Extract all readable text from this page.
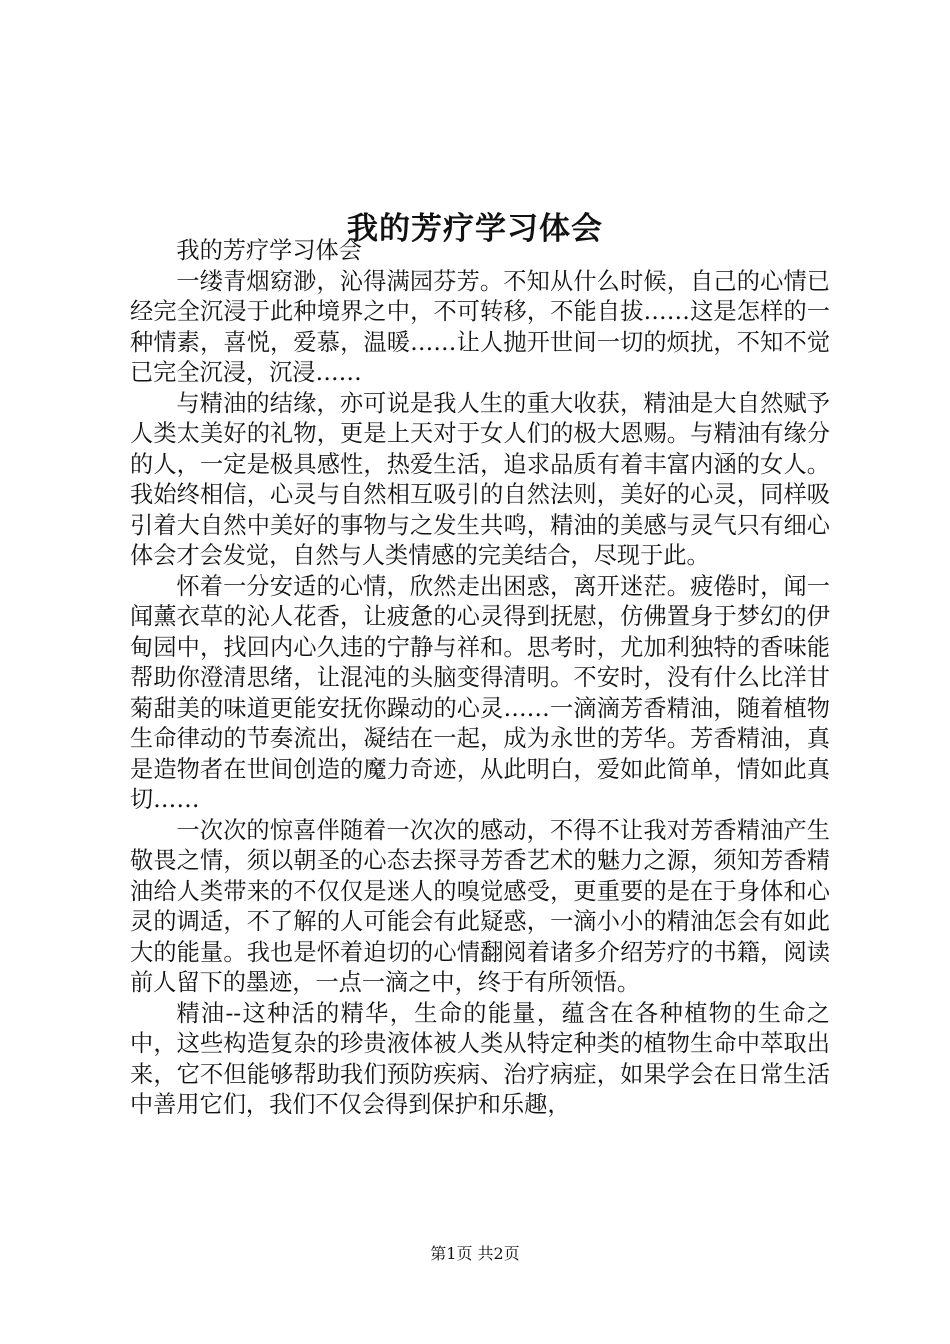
我的芳疗学习体会

我的芳疗学习体会

一缕青烟窈渺，沁得满园芬芳。不知从什么时候，自己的心情已经完全沉浸于此种境界之中，不可转移，不能自拔……这是怎样的一种情素，喜悦，爱慕，温暖……让人抛开世间一切的烦扰，不知不觉已完全沉浸，沉浸……

与精油的结缘，亦可说是我人生的重大收获，精油是大自然赋予人类太美好的礼物，更是上天对于女人们的极大恩赐。与精油有缘分的人，一定是极具感性，热爱生活，追求品质有着丰富内涵的女人。我始终相信，心灵与自然相互吸引的自然法则，美好的心灵，同样吸引着大自然中美好的事物与之发生共鸣，精油的美感与灵气只有细心体会才会发觉，自然与人类情感的完美结合，尽现于此。

怀着一分安适的心情，欣然走出困惑，离开迷茫。疲倦时，闻一闻薰衣草的沁人花香，让疲惫的心灵得到抚慰，仿佛置身于梦幻的伊甸园中，找回内心久违的宁静与祥和。思考时，尤加利独特的香味能帮助你澄清思绪，让混沌的头脑变得清明。不安时，没有什么比洋甘菊甜美的味道更能安抚你躁动的心灵……一滴滴芳香精油，随着植物生命律动的节奏流出，凝结在一起，成为永世的芳华。芳香精油，真是造物者在世间创造的魔力奇迹，从此明白，爱如此简单，情如此真切……

一次次的惊喜伴随着一次次的感动，不得不让我对芳香精油产生敬畏之情，须以朝圣的心态去探寻芳香艺术的魅力之源，须知芳香精油给人类带来的不仅仅是迷人的嗅觉感受，更重要的是在于身体和心灵的调适，不了解的人可能会有此疑惑，一滴小小的精油怎会有如此大的能量。我也是怀着迫切的心情翻阅着诸多介绍芳疗的书籍，阅读前人留下的墨迹，一点一滴之中，终于有所领悟。

精油--这种活的精华，生命的能量，蕴含在各种植物的生命之中，这些构造复杂的珍贵液体被人类从特定种类的植物生命中萃取出来，它不但能够帮助我们预防疾病、治疗病症，如果学会在日常生活中善用它们，我们不仅会得到保护和乐趣，

第1页 共2页
